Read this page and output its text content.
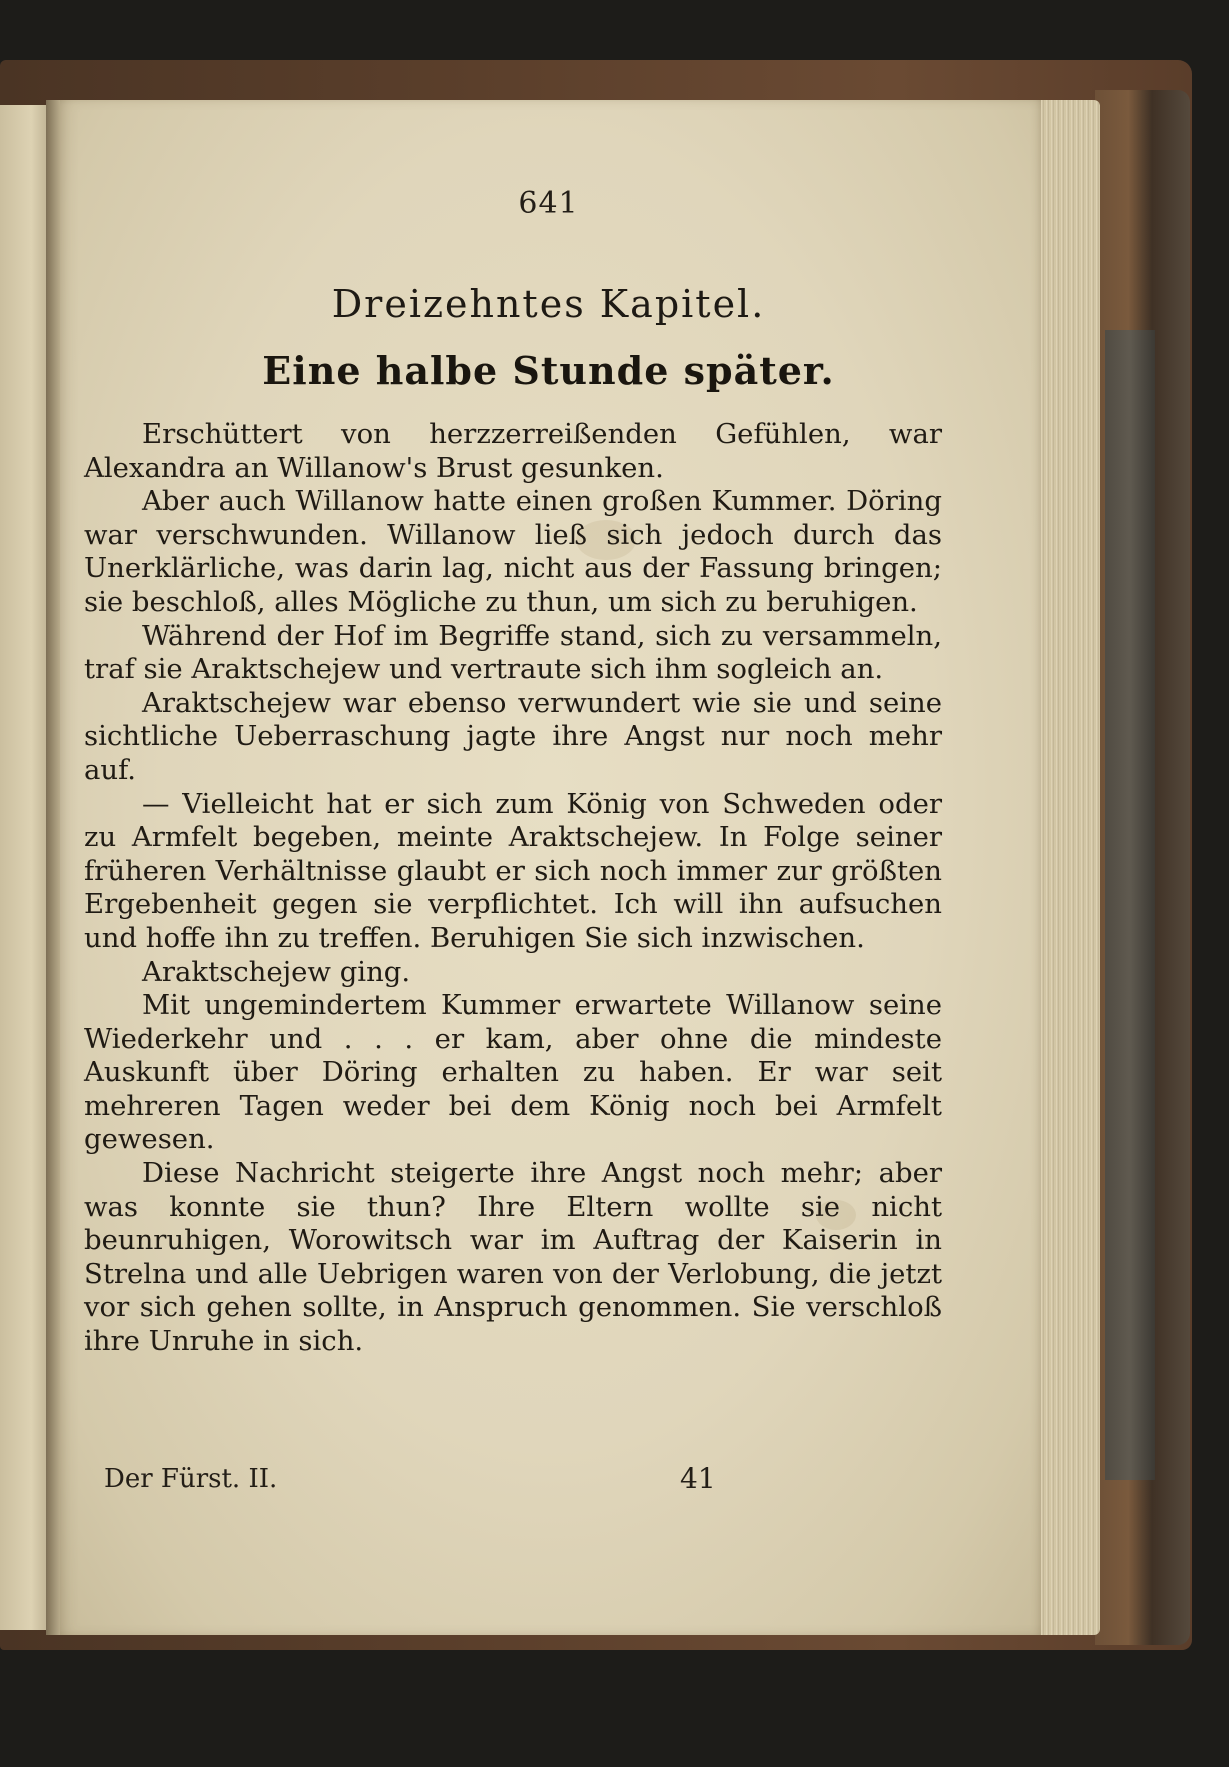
641
Dreizehntes Kapitel.
Eine halbe Stunde später.

Erschüttert von herzzerreißenden Gefühlen, war Alexandra an Willanow's Brust gesunken.

Aber auch Willanow hatte einen großen Kummer. Döring war verschwunden. Willanow ließ sich jedoch durch das Unerklärliche, was darin lag, nicht aus der Fassung bringen; sie beschloß, alles Mögliche zu thun, um sich zu beruhigen.

Während der Hof im Begriffe stand, sich zu versammeln, traf sie Araktschejew und vertraute sich ihm sogleich an.

Araktschejew war ebenso verwundert wie sie und seine sichtliche Ueberraschung jagte ihre Angst nur noch mehr auf.

— Vielleicht hat er sich zum König von Schweden oder zu Armfelt begeben, meinte Araktschejew. In Folge seiner früheren Verhältnisse glaubt er sich noch immer zur größten Ergebenheit gegen sie verpflichtet. Ich will ihn aufsuchen und hoffe ihn zu treffen. Beruhigen Sie sich inzwischen.

Araktschejew ging.

Mit ungemindertem Kummer erwartete Willanow seine Wiederkehr und . . . er kam, aber ohne die mindeste Auskunft über Döring erhalten zu haben. Er war seit mehreren Tagen weder bei dem König noch bei Armfelt gewesen.

Diese Nachricht steigerte ihre Angst noch mehr; aber was konnte sie thun? Ihre Eltern wollte sie nicht beunruhigen, Worowitsch war im Auftrag der Kaiserin in Strelna und alle Uebrigen waren von der Verlobung, die jetzt vor sich gehen sollte, in Anspruch genommen. Sie verschloß ihre Unruhe in sich.

Der Fürst. II.	41
